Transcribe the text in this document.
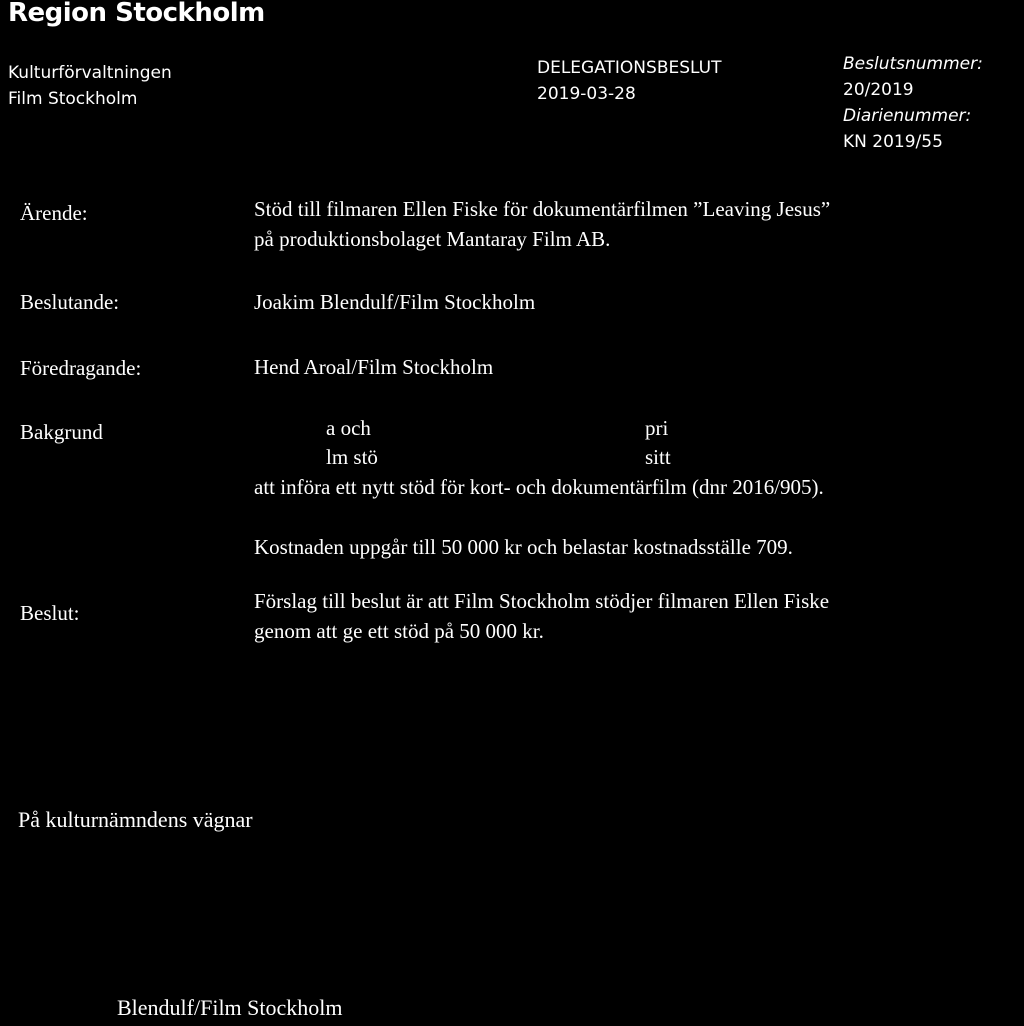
Region Stockholm
Kulturförvaltningen
Film Stockholm
DELEGATIONSBESLUT
2019-03-28
Beslutsnummer:
20/2019
Diarienummer:
KN 2019/55
Ärende:	Stöd till filmaren Ellen Fiske för dokumentärfilmen ”Leaving Jesus”
på produktionsbolaget Mantaray Film AB.
Beslutande:	Joakim Blendulf/Film Stockholm
Föredragande:	Hend Aroal/Film Stockholm
Bakgrund	a och	pri
lm stö	sitt
att införa ett nytt stöd för kort- och dokumentärfilm (dnr 2016/905).
Kostnaden uppgår till 50 000 kr och belastar kostnadsställe 709.
Beslut:	Förslag till beslut är att Film Stockholm stödjer filmaren Ellen Fiske
genom att ge ett stöd på 50 000 kr.
På kulturnämndens vägnar
Blendulf/Film Stockholm
